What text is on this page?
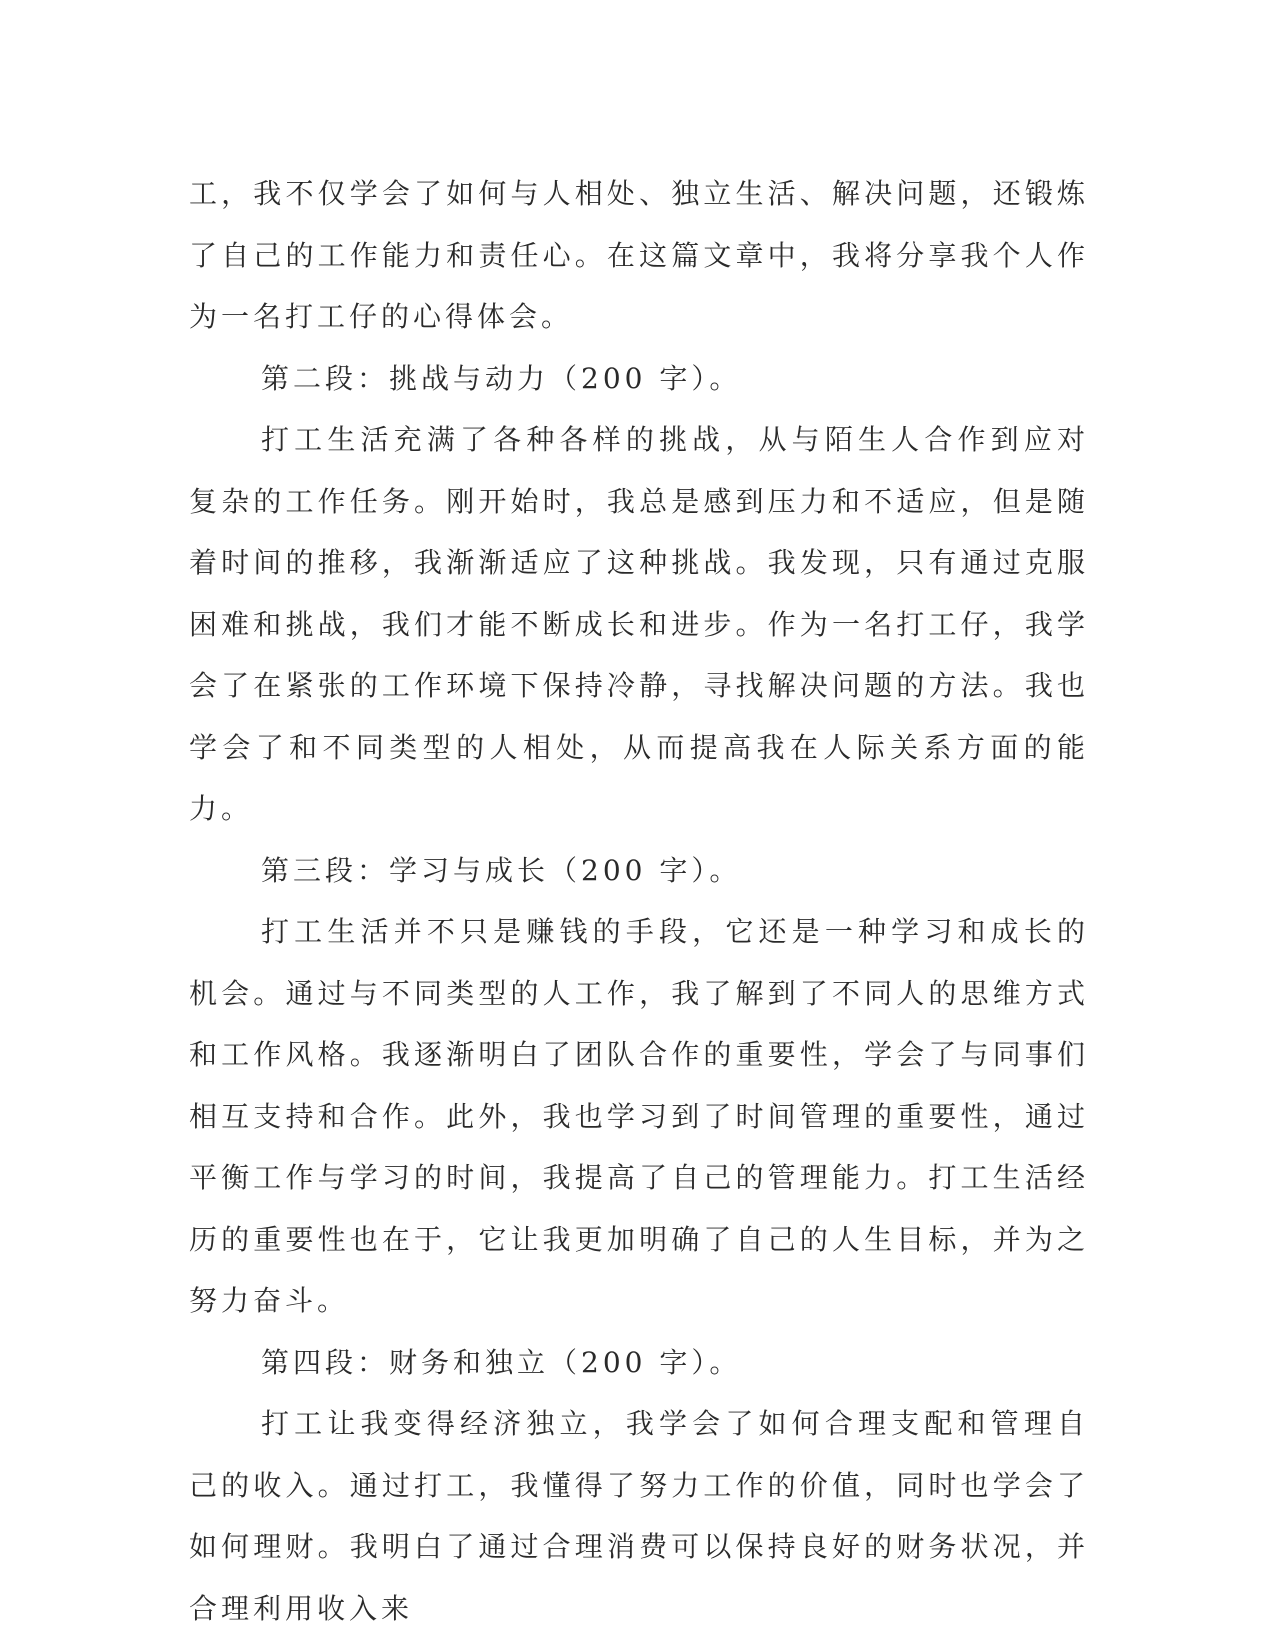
工，我不仅学会了如何与人相处、独立生活、解决问题，还锻炼了自己的工作能力和责任心。在这篇文章中，我将分享我个人作为一名打工仔的心得体会。

第二段：挑战与动力（200 字）。

打工生活充满了各种各样的挑战，从与陌生人合作到应对复杂的工作任务。刚开始时，我总是感到压力和不适应，但是随着时间的推移，我渐渐适应了这种挑战。我发现，只有通过克服困难和挑战，我们才能不断成长和进步。作为一名打工仔，我学会了在紧张的工作环境下保持冷静，寻找解决问题的方法。我也学会了和不同类型的人相处，从而提高我在人际关系方面的能力。

第三段：学习与成长（200 字）。

打工生活并不只是赚钱的手段，它还是一种学习和成长的机会。通过与不同类型的人工作，我了解到了不同人的思维方式和工作风格。我逐渐明白了团队合作的重要性，学会了与同事们相互支持和合作。此外，我也学习到了时间管理的重要性，通过平衡工作与学习的时间，我提高了自己的管理能力。打工生活经历的重要性也在于，它让我更加明确了自己的人生目标，并为之努力奋斗。

第四段：财务和独立（200 字）。

打工让我变得经济独立，我学会了如何合理支配和管理自己的收入。通过打工，我懂得了努力工作的价值，同时也学会了如何理财。我明白了通过合理消费可以保持良好的财务状况，并合理利用收入来
